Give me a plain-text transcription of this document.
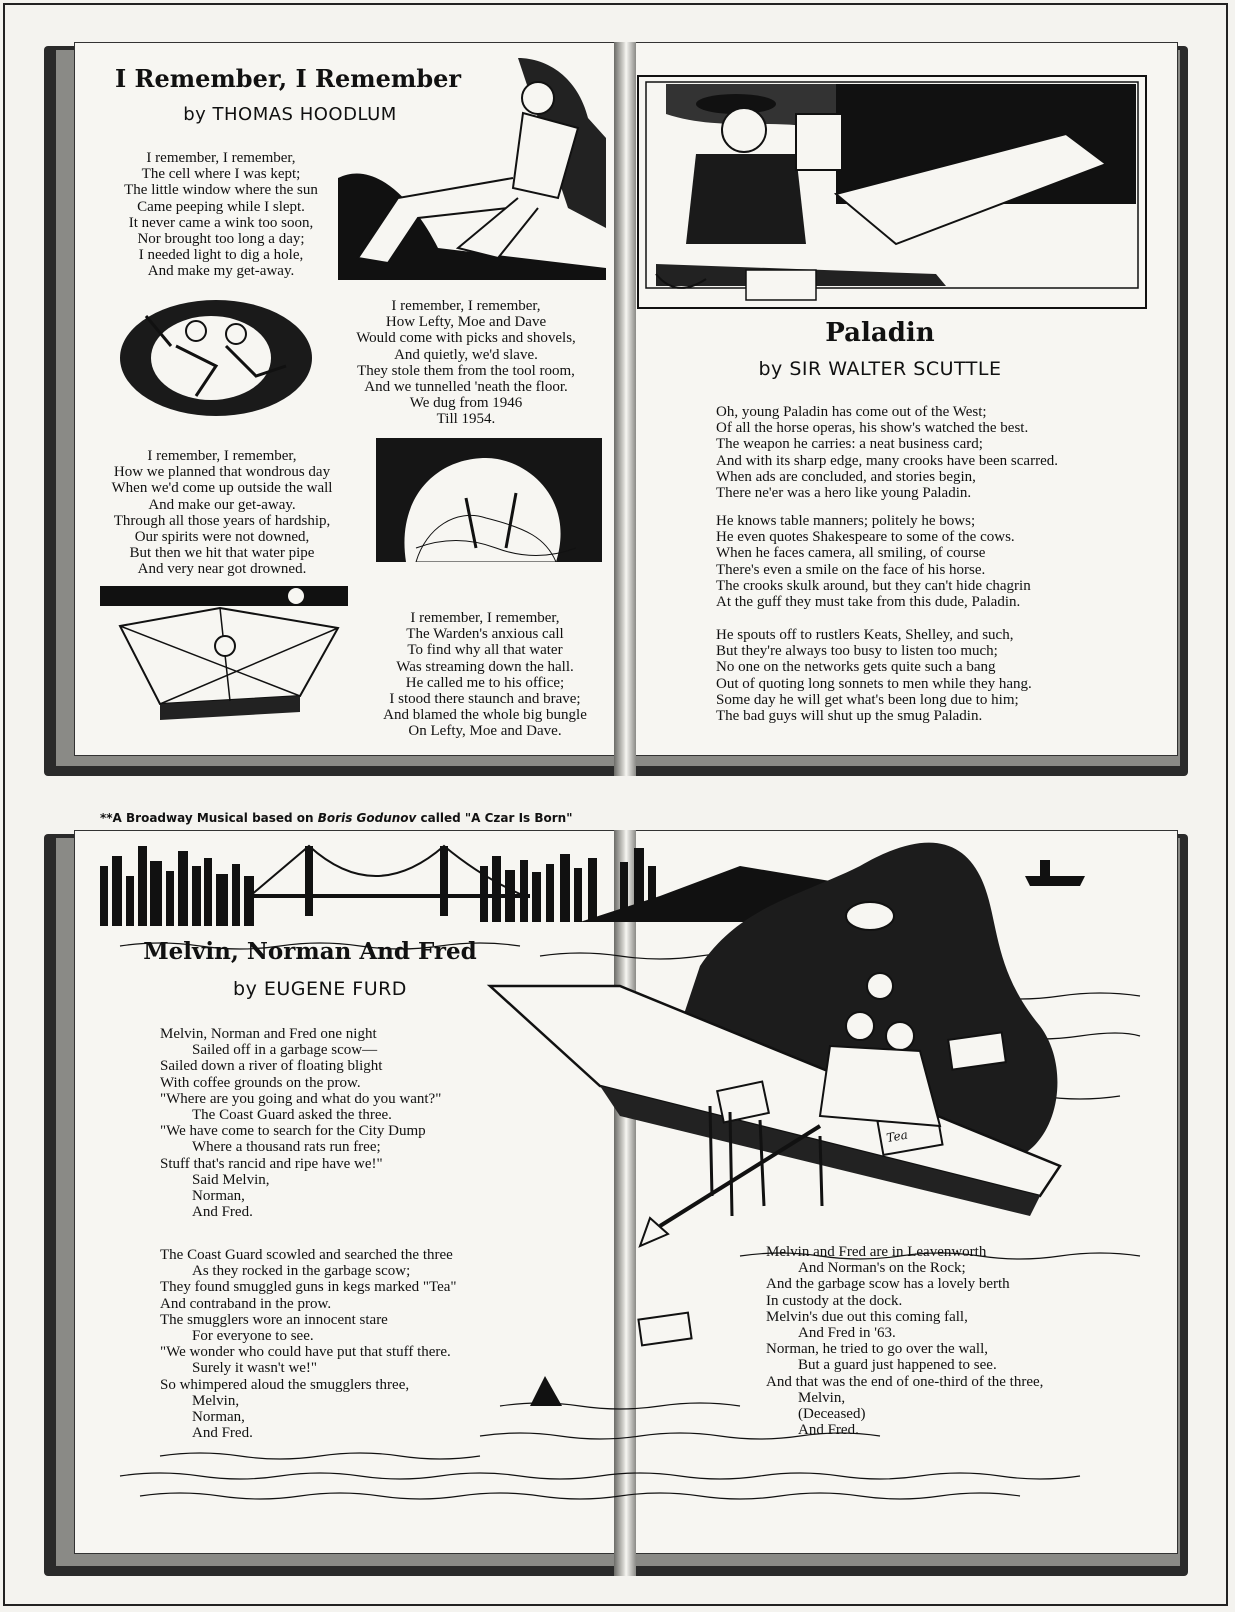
I Remember, I Remember
by THOMAS HOODLUM
I remember, I remember,
The cell where I was kept;
The little window where the sun
Came peeping while I slept.
It never came a wink too soon,
Nor brought too long a day;
I needed light to dig a hole,
And make my get-away.
I remember, I remember,
How Lefty, Moe and Dave
Would come with picks and shovels,
And quietly, we'd slave.
They stole them from the tool room,
And we tunnelled 'neath the floor.
We dug from 1946
Till 1954.
I remember, I remember,
How we planned that wondrous day
When we'd come up outside the wall
And make our get-away.
Through all those years of hardship,
Our spirits were not downed,
But then we hit that water pipe
And very near got drowned.
I remember, I remember,
The Warden's anxious call
To find why all that water
Was streaming down the hall.
He called me to his office;
I stood there staunch and brave;
And blamed the whole big bungle
On Lefty, Moe and Dave.
Paladin
by SIR WALTER SCUTTLE
Oh, young Paladin has come out of the West;
Of all the horse operas, his show's watched the best.
The weapon he carries: a neat business card;
And with its sharp edge, many crooks have been scarred.
When ads are concluded, and stories begin,
There ne'er was a hero like young Paladin.
He knows table manners; politely he bows;
He even quotes Shakespeare to some of the cows.
When he faces camera, all smiling, of course
There's even a smile on the face of his horse.
The crooks skulk around, but they can't hide chagrin
At the guff they must take from this dude, Paladin.
He spouts off to rustlers Keats, Shelley, and such,
But they're always too busy to listen too much;
No one on the networks gets quite such a bang
Out of quoting long sonnets to men while they hang.
Some day he will get what's been long due to him;
The bad guys will shut up the smug Paladin.
**A Broadway Musical based on Boris Godunov called "A Czar Is Born"
Tea
Melvin, Norman And Fred
by EUGENE FURD
Melvin, Norman and Fred one night
Sailed off in a garbage scow—
Sailed down a river of floating blight
With coffee grounds on the prow.
"Where are you going and what do you want?"
The Coast Guard asked the three.
"We have come to search for the City Dump
Where a thousand rats run free;
Stuff that's rancid and ripe have we!"
Said Melvin,
Norman,
And Fred.
The Coast Guard scowled and searched the three
As they rocked in the garbage scow;
They found smuggled guns in kegs marked "Tea"
And contraband in the prow.
The smugglers wore an innocent stare
For everyone to see.
"We wonder who could have put that stuff there.
Surely it wasn't we!"
So whimpered aloud the smugglers three,
Melvin,
Norman,
And Fred.
Melvin and Fred are in Leavenworth
And Norman's on the Rock;
And the garbage scow has a lovely berth
In custody at the dock.
Melvin's due out this coming fall,
And Fred in '63.
Norman, he tried to go over the wall,
But a guard just happened to see.
And that was the end of one-third of the three,
Melvin,
(Deceased)
And Fred.
